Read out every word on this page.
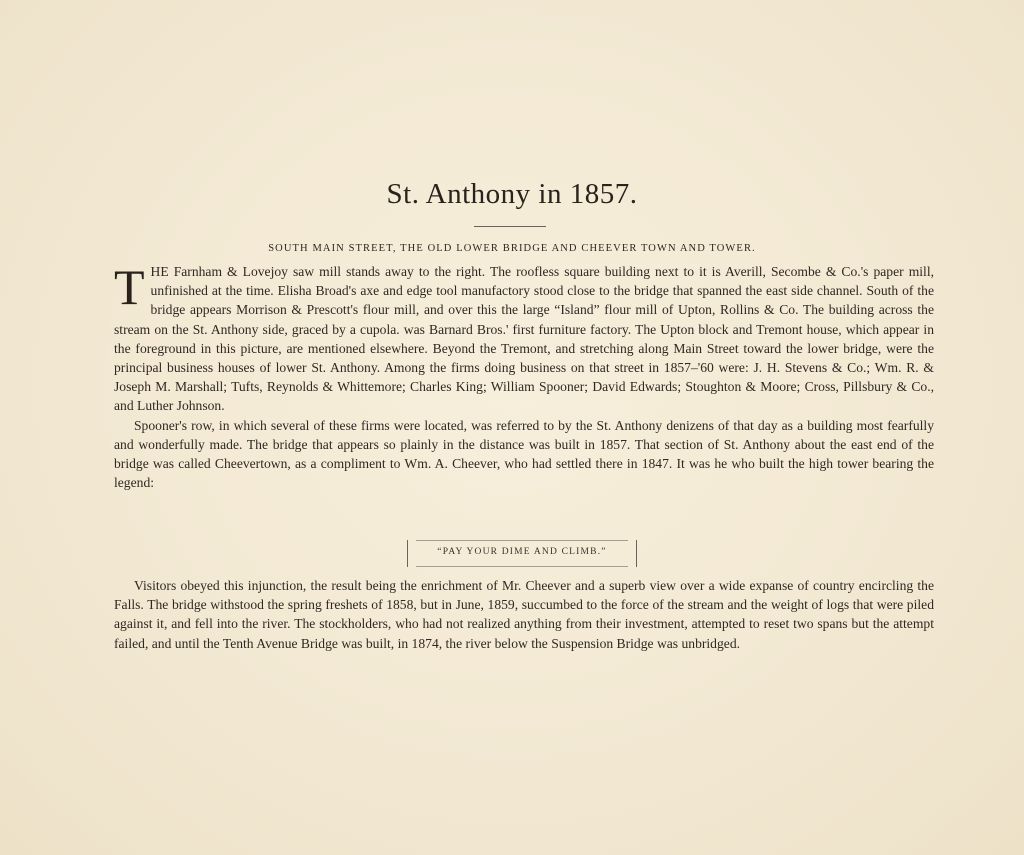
St. Anthony in 1857.
SOUTH MAIN STREET, THE OLD LOWER BRIDGE AND CHEEVER TOWN AND TOWER.

THE Farnham & Lovejoy saw mill stands away to the right. The roofless square building next to it is Averill, Secombe & Co.'s paper mill, unfinished at the time. Elisha Broad's axe and edge tool manufactory stood close to the bridge that spanned the east side channel. South of the bridge appears Morrison & Prescott's flour mill, and over this the large “Island” flour mill of Upton, Rollins & Co. The building across the stream on the St. Anthony side, graced by a cupola. was Barnard Bros.' first furniture factory. The Upton block and Tremont house, which appear in the foreground in this picture, are mentioned elsewhere. Beyond the Tremont, and stretching along Main Street toward the lower bridge, were the principal business houses of lower St. Anthony. Among the firms doing business on that street in 1857–'60 were: J. H. Stevens & Co.; Wm. R. & Joseph M. Marshall; Tufts, Reynolds & Whittemore; Charles King; William Spooner; David Edwards; Stoughton & Moore; Cross, Pillsbury & Co., and Luther Johnson.

Spooner's row, in which several of these firms were located, was referred to by the St. Anthony denizens of that day as a building most fearfully and wonderfully made. The bridge that appears so plainly in the distance was built in 1857. That section of St. Anthony about the east end of the bridge was called Cheevertown, as a compliment to Wm. A. Cheever, who had settled there in 1847. It was he who built the high tower bearing the legend:

“PAY YOUR DIME AND CLIMB.”

Visitors obeyed this injunction, the result being the enrichment of Mr. Cheever and a superb view over a wide expanse of country encircling the Falls. The bridge withstood the spring freshets of 1858, but in June, 1859, succumbed to the force of the stream and the weight of logs that were piled against it, and fell into the river. The stockholders, who had not realized anything from their investment, attempted to reset two spans but the attempt failed, and until the Tenth Avenue Bridge was built, in 1874, the river below the Suspension Bridge was unbridged.
